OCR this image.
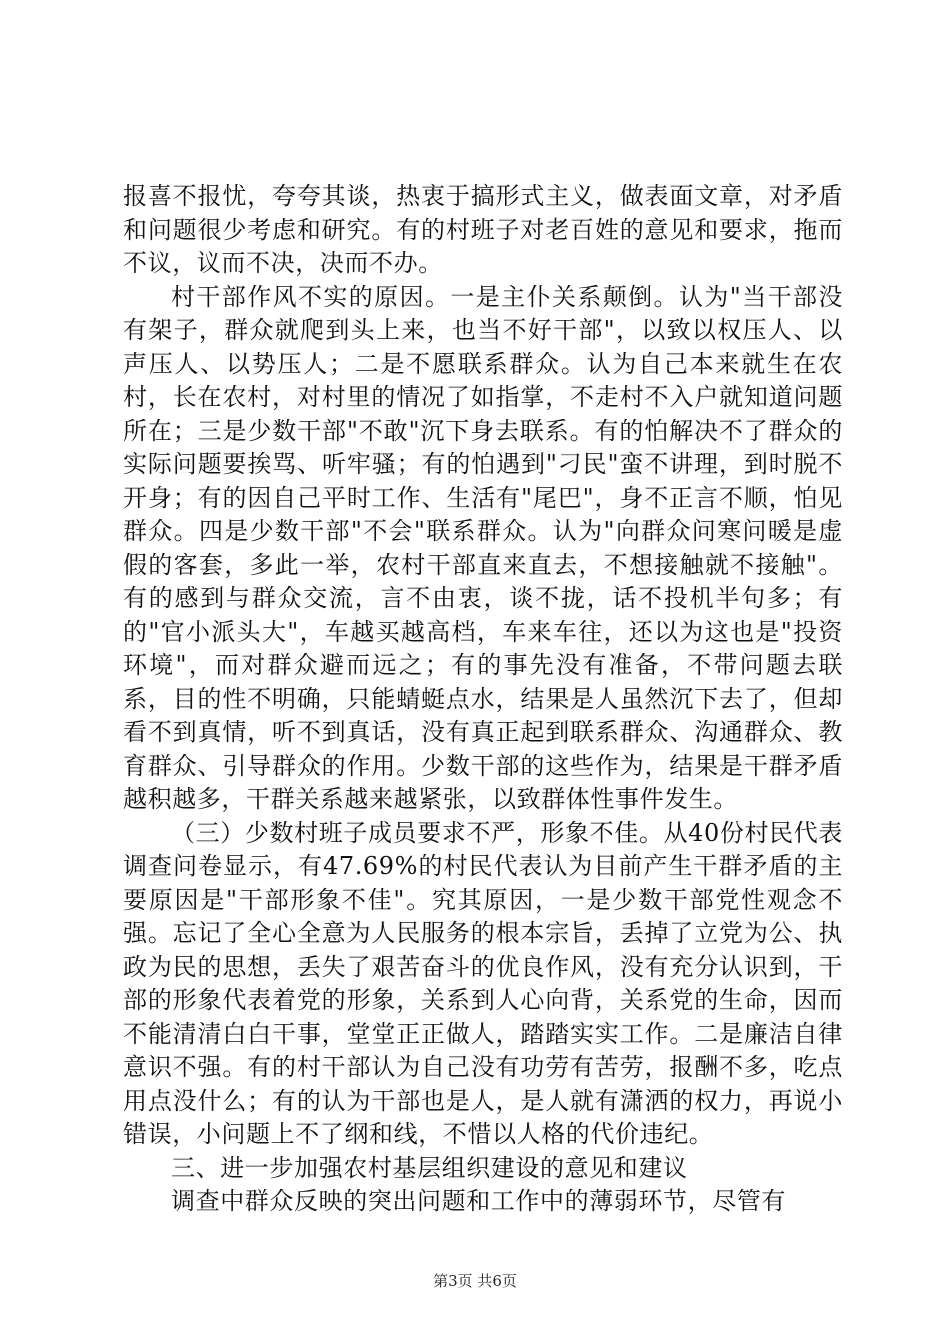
报喜不报忧，夸夸其谈，热衷于搞形式主义，做表面文章，对矛盾和问题很少考虑和研究。有的村班子对老百姓的意见和要求，拖而不议，议而不决，决而不办。

村干部作风不实的原因。一是主仆关系颠倒。认为"当干部没有架子，群众就爬到头上来，也当不好干部"，以致以权压人、以声压人、以势压人；二是不愿联系群众。认为自己本来就生在农村，长在农村，对村里的情况了如指掌，不走村不入户就知道问题所在；三是少数干部"不敢"沉下身去联系。有的怕解决不了群众的实际问题要挨骂、听牢骚；有的怕遇到"刁民"蛮不讲理，到时脱不开身；有的因自己平时工作、生活有"尾巴"，身不正言不顺，怕见群众。四是少数干部"不会"联系群众。认为"向群众问寒问暖是虚假的客套，多此一举，农村干部直来直去，不想接触就不接触"。有的感到与群众交流，言不由衷，谈不拢，话不投机半句多；有的"官小派头大"，车越买越高档，车来车往，还以为这也是"投资环境"，而对群众避而远之；有的事先没有准备，不带问题去联系，目的性不明确，只能蜻蜓点水，结果是人虽然沉下去了，但却看不到真情，听不到真话，没有真正起到联系群众、沟通群众、教育群众、引导群众的作用。少数干部的这些作为，结果是干群矛盾越积越多，干群关系越来越紧张，以致群体性事件发生。

（三）少数村班子成员要求不严，形象不佳。从40份村民代表调查问卷显示，有47.69%的村民代表认为目前产生干群矛盾的主要原因是"干部形象不佳"。究其原因，一是少数干部党性观念不强。忘记了全心全意为人民服务的根本宗旨，丢掉了立党为公、执政为民的思想，丢失了艰苦奋斗的优良作风，没有充分认识到，干部的形象代表着党的形象，关系到人心向背，关系党的生命，因而不能清清白白干事，堂堂正正做人，踏踏实实工作。二是廉洁自律意识不强。有的村干部认为自己没有功劳有苦劳，报酬不多，吃点用点没什么；有的认为干部也是人，是人就有潇洒的权力，再说小错误，小问题上不了纲和线，不惜以人格的代价违纪。

三、进一步加强农村基层组织建设的意见和建议

调查中群众反映的突出问题和工作中的薄弱环节，尽管有

第3页 共6页
